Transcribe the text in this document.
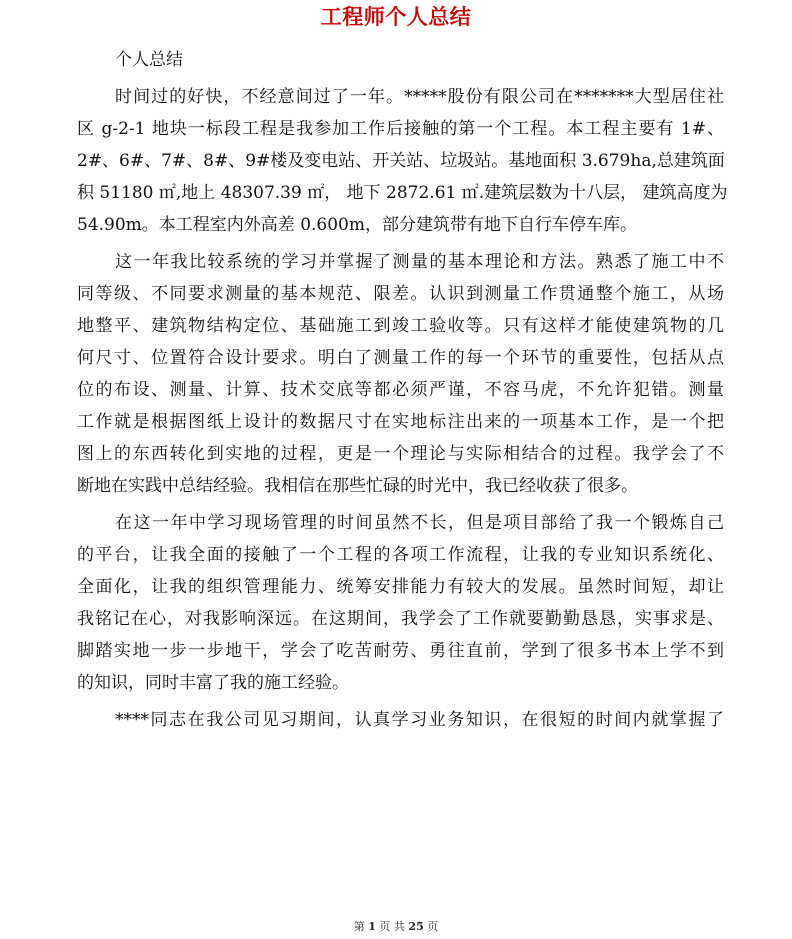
工程师个人总结
个人总结
时间过的好快，不经意间过了一年。*****股份有限公司在*******大型居住社
区 g-2-1 地块一标段工程是我参加工作后接触的第一个工程。本工程主要有 1#、
2#、6#、7#、8#、9#楼及变电站、开关站、垃圾站。基地面积 3.679ha,总建筑面
积 51180 ㎡,地上 48307.39 ㎡， 地下 2872.61 ㎡.建筑层数为十八层， 建筑高度为
54.90m。本工程室内外高差 0.600m，部分建筑带有地下自行车停车库。
这一年我比较系统的学习并掌握了测量的基本理论和方法。熟悉了施工中不
同等级、不同要求测量的基本规范、限差。认识到测量工作贯通整个施工，从场
地整平、建筑物结构定位、基础施工到竣工验收等。只有这样才能使建筑物的几
何尺寸、位置符合设计要求。明白了测量工作的每一个环节的重要性，包括从点
位的布设、测量、计算、技术交底等都必须严谨，不容马虎，不允许犯错。测量
工作就是根据图纸上设计的数据尺寸在实地标注出来的一项基本工作，是一个把
图上的东西转化到实地的过程，更是一个理论与实际相结合的过程。我学会了不
断地在实践中总结经验。我相信在那些忙碌的时光中，我已经收获了很多。
在这一年中学习现场管理的时间虽然不长，但是项目部给了我一个锻炼自己
的平台，让我全面的接触了一个工程的各项工作流程，让我的专业知识系统化、
全面化，让我的组织管理能力、统筹安排能力有较大的发展。虽然时间短，却让
我铭记在心，对我影响深远。在这期间，我学会了工作就要勤勤恳恳，实事求是、
脚踏实地一步一步地干，学会了吃苦耐劳、勇往直前，学到了很多书本上学不到
的知识，同时丰富了我的施工经验。
****同志在我公司见习期间，认真学习业务知识，在很短的时间内就掌握了
第 1 页 共 25 页
